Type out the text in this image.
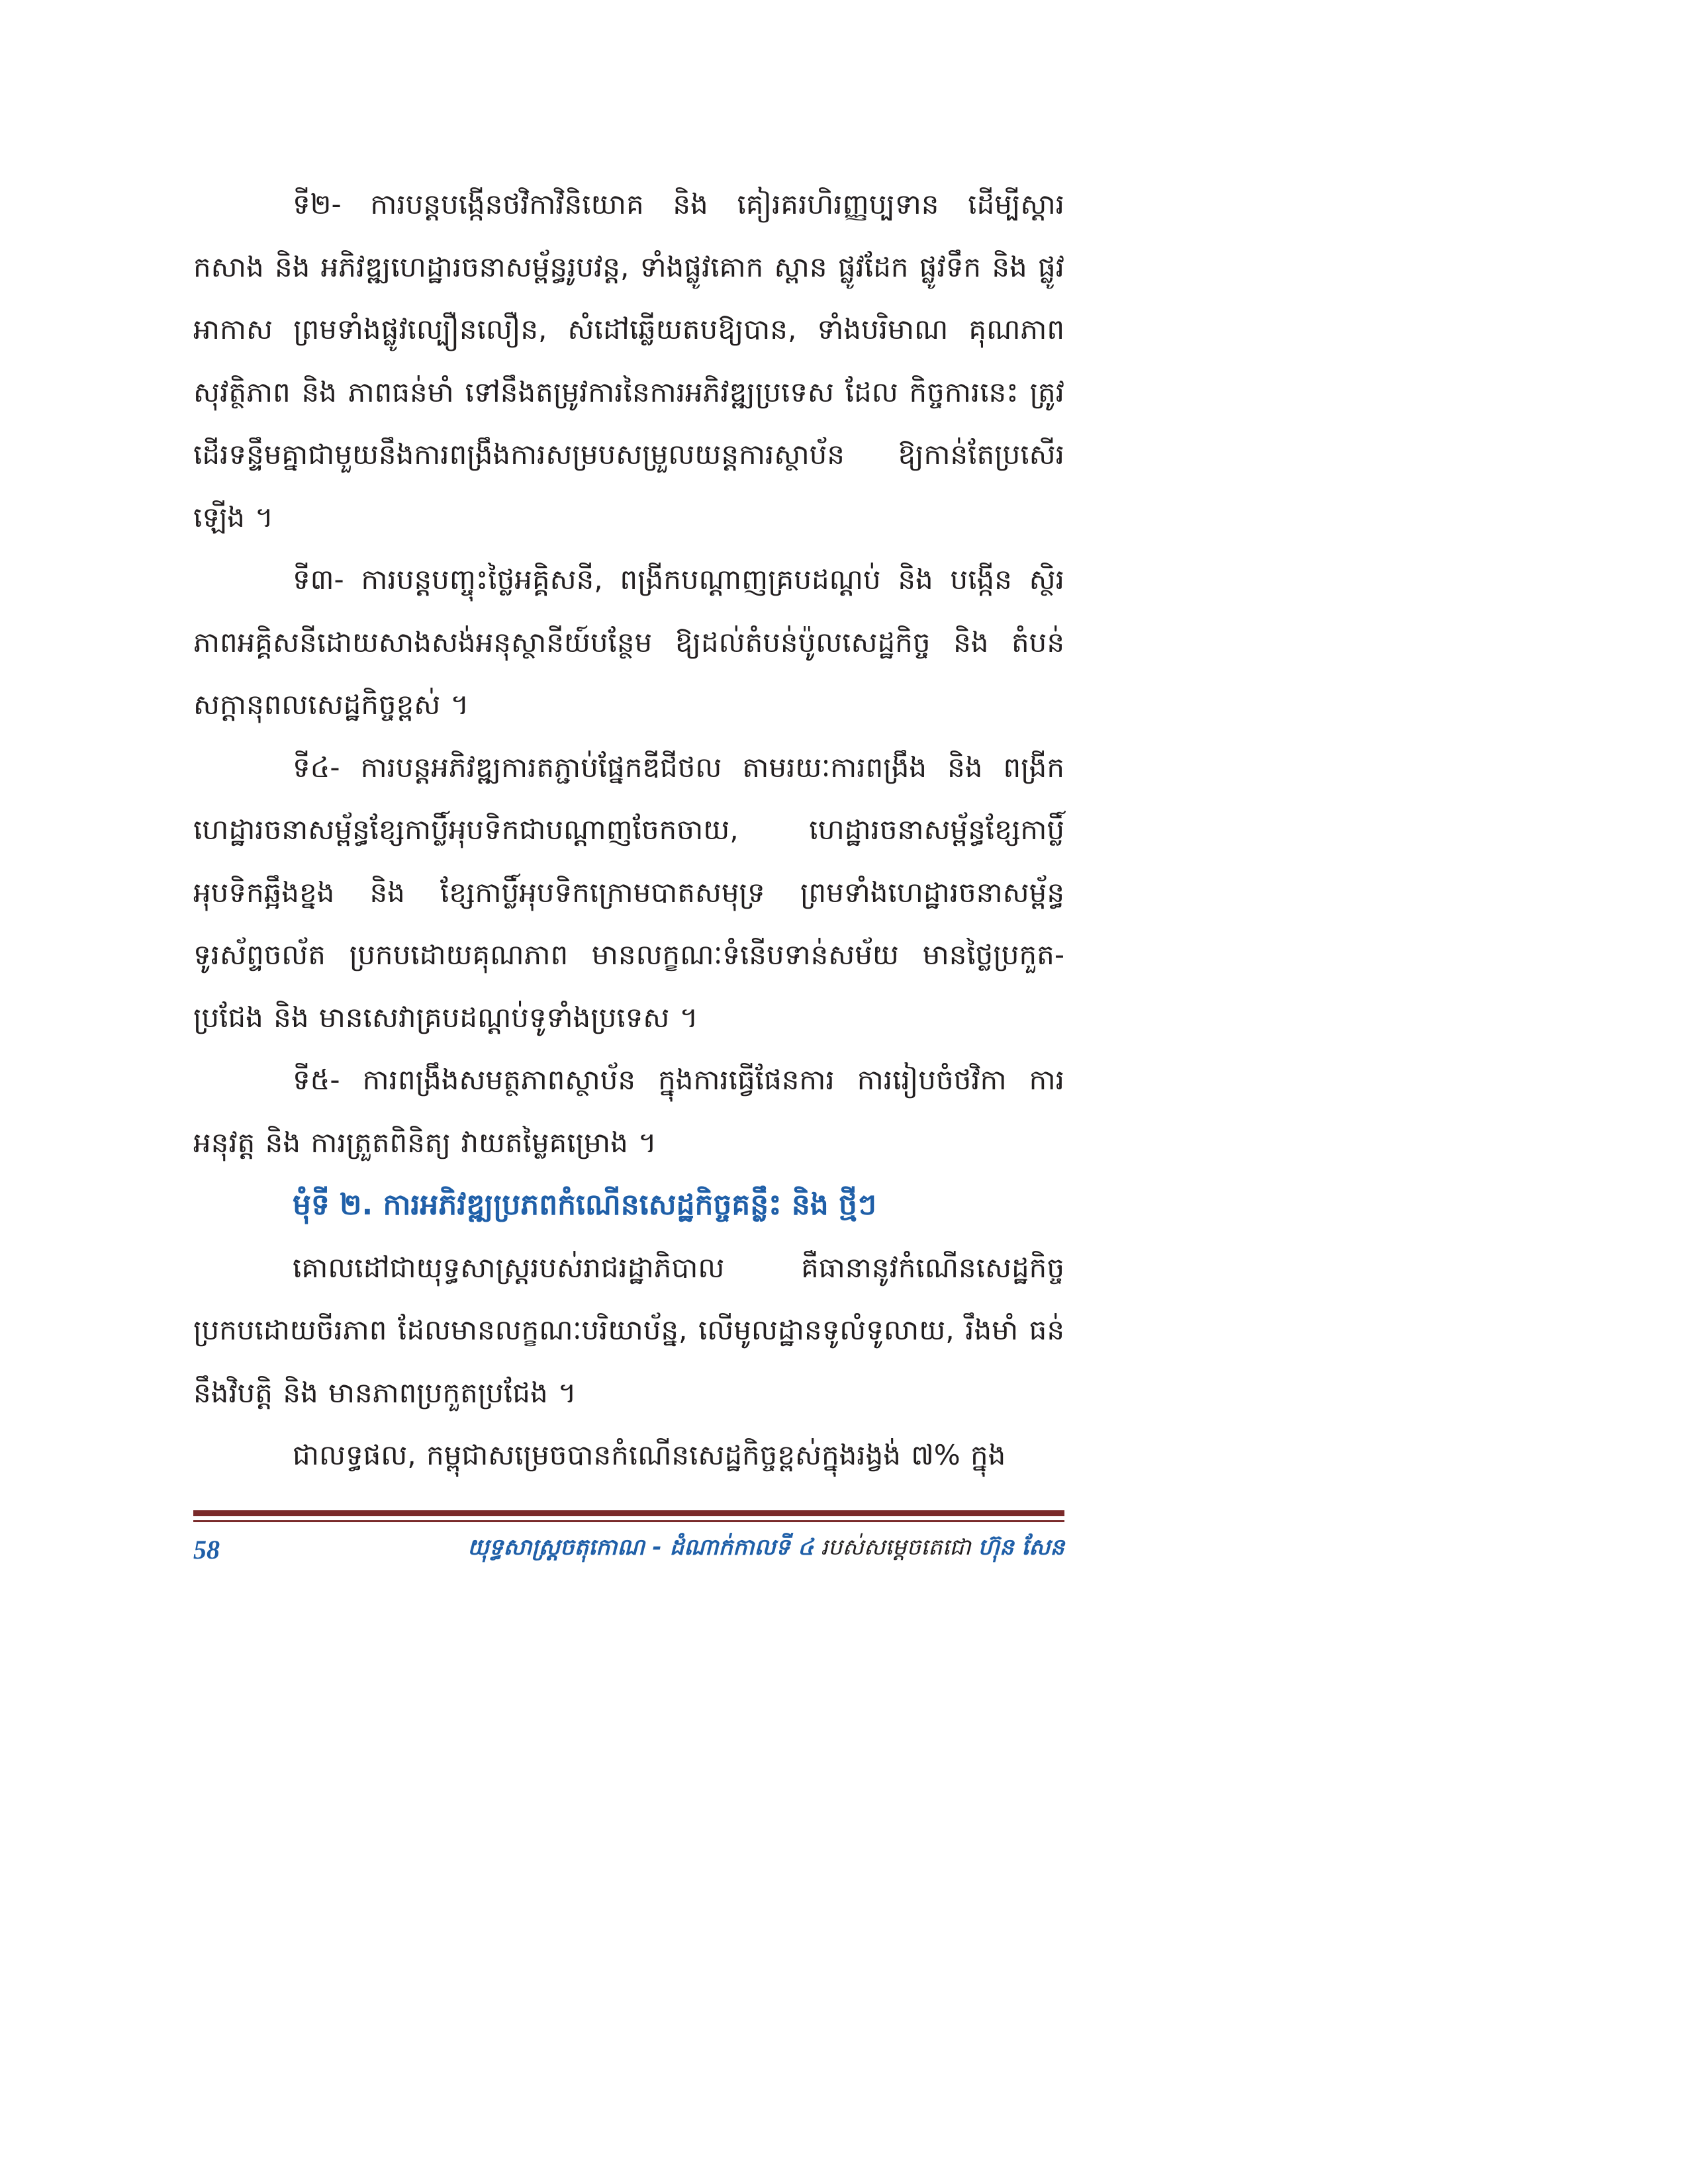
ទី២- ការបន្តបង្កើនថវិកាវិនិយោគ និង គៀរគរហិរញ្ញប្បទាន ដើម្បីស្តារ កសាង និង អភិវឌ្ឍហេដ្ឋារចនាសម្ព័ន្ធរូបវន្ត, ទាំងផ្លូវគោក ស្ពាន ផ្លូវដែក ផ្លូវទឹក និង ផ្លូវអាកាស ព្រមទាំងផ្លូវល្បឿនលឿន, សំដៅឆ្លើយតបឱ្យបាន, ទាំងបរិមាណ គុណភាព សុវត្ថិភាព និង ភាពធន់មាំ ទៅនឹងតម្រូវការនៃការអភិវឌ្ឍប្រទេស ដែល កិច្ចការនេះ ត្រូវដើរទន្ទឹមគ្នាជាមួយនឹងការពង្រឹងការសម្របសម្រួលយន្តការស្ថាប័ន ឱ្យកាន់តែប្រសើរឡើង ។

ទី៣- ការបន្តបញ្ចុះថ្លៃអគ្គិសនី, ពង្រីកបណ្តាញគ្របដណ្តប់ និង បង្កើន ស្ថិរភាពអគ្គិសនីដោយសាងសង់អនុស្ថានីយ៍បន្ថែម ឱ្យដល់តំបន់ប៉ូលសេដ្ឋកិច្ច និង តំបន់សក្តានុពលសេដ្ឋកិច្ចខ្ពស់ ។

ទី៤- ការបន្តអភិវឌ្ឍការតភ្ជាប់ផ្នែកឌីជីថល តាមរយៈការពង្រឹង និង ពង្រីក ហេដ្ឋារចនាសម្ព័ន្ធខ្សែកាប្លិ៍អុបទិកជាបណ្តាញចែកចាយ, ហេដ្ឋារចនាសម្ព័ន្ធខ្សែកាប្លិ៍ អុបទិកឆ្អឹងខ្នង និង ខ្សែកាប្លិ៍អុបទិកក្រោមបាតសមុទ្រ ព្រមទាំងហេដ្ឋារចនាសម្ព័ន្ធ ទូរស័ព្ទចល័ត ប្រកបដោយគុណភាព មានលក្ខណៈទំនើបទាន់សម័យ មានថ្លៃប្រកួត- ប្រជែង និង មានសេវាគ្របដណ្តប់ទូទាំងប្រទេស ។

ទី៥- ការពង្រឹងសមត្ថភាពស្ថាប័ន ក្នុងការធ្វើផែនការ ការរៀបចំថវិកា ការអនុវត្ត និង ការត្រួតពិនិត្យ វាយតម្លៃគម្រោង ។

មុំទី ២. ការអភិវឌ្ឍប្រភពកំណើនសេដ្ឋកិច្ចគន្លឹះ និង ថ្មីៗ

គោលដៅជាយុទ្ធសាស្ត្ររបស់រាជរដ្ឋាភិបាល គឺធានានូវកំណើនសេដ្ឋកិច្ច ប្រកបដោយចីរភាព ដែលមានលក្ខណៈបរិយាប័ន្ន, លើមូលដ្ឋានទូលំទូលាយ, រឹងមាំ ធន់នឹងវិបត្តិ និង មានភាពប្រកួតប្រជែង ។

ជាលទ្ធផល, កម្ពុជាសម្រេចបានកំណើនសេដ្ឋកិច្ចខ្ពស់ក្នុងរង្វង់ ៧% ក្នុង

58	យុទ្ធសាស្ត្រចតុកោណ - ដំណាក់កាលទី ៤ របស់សម្តេចតេជោ ហ៊ុន សែន
